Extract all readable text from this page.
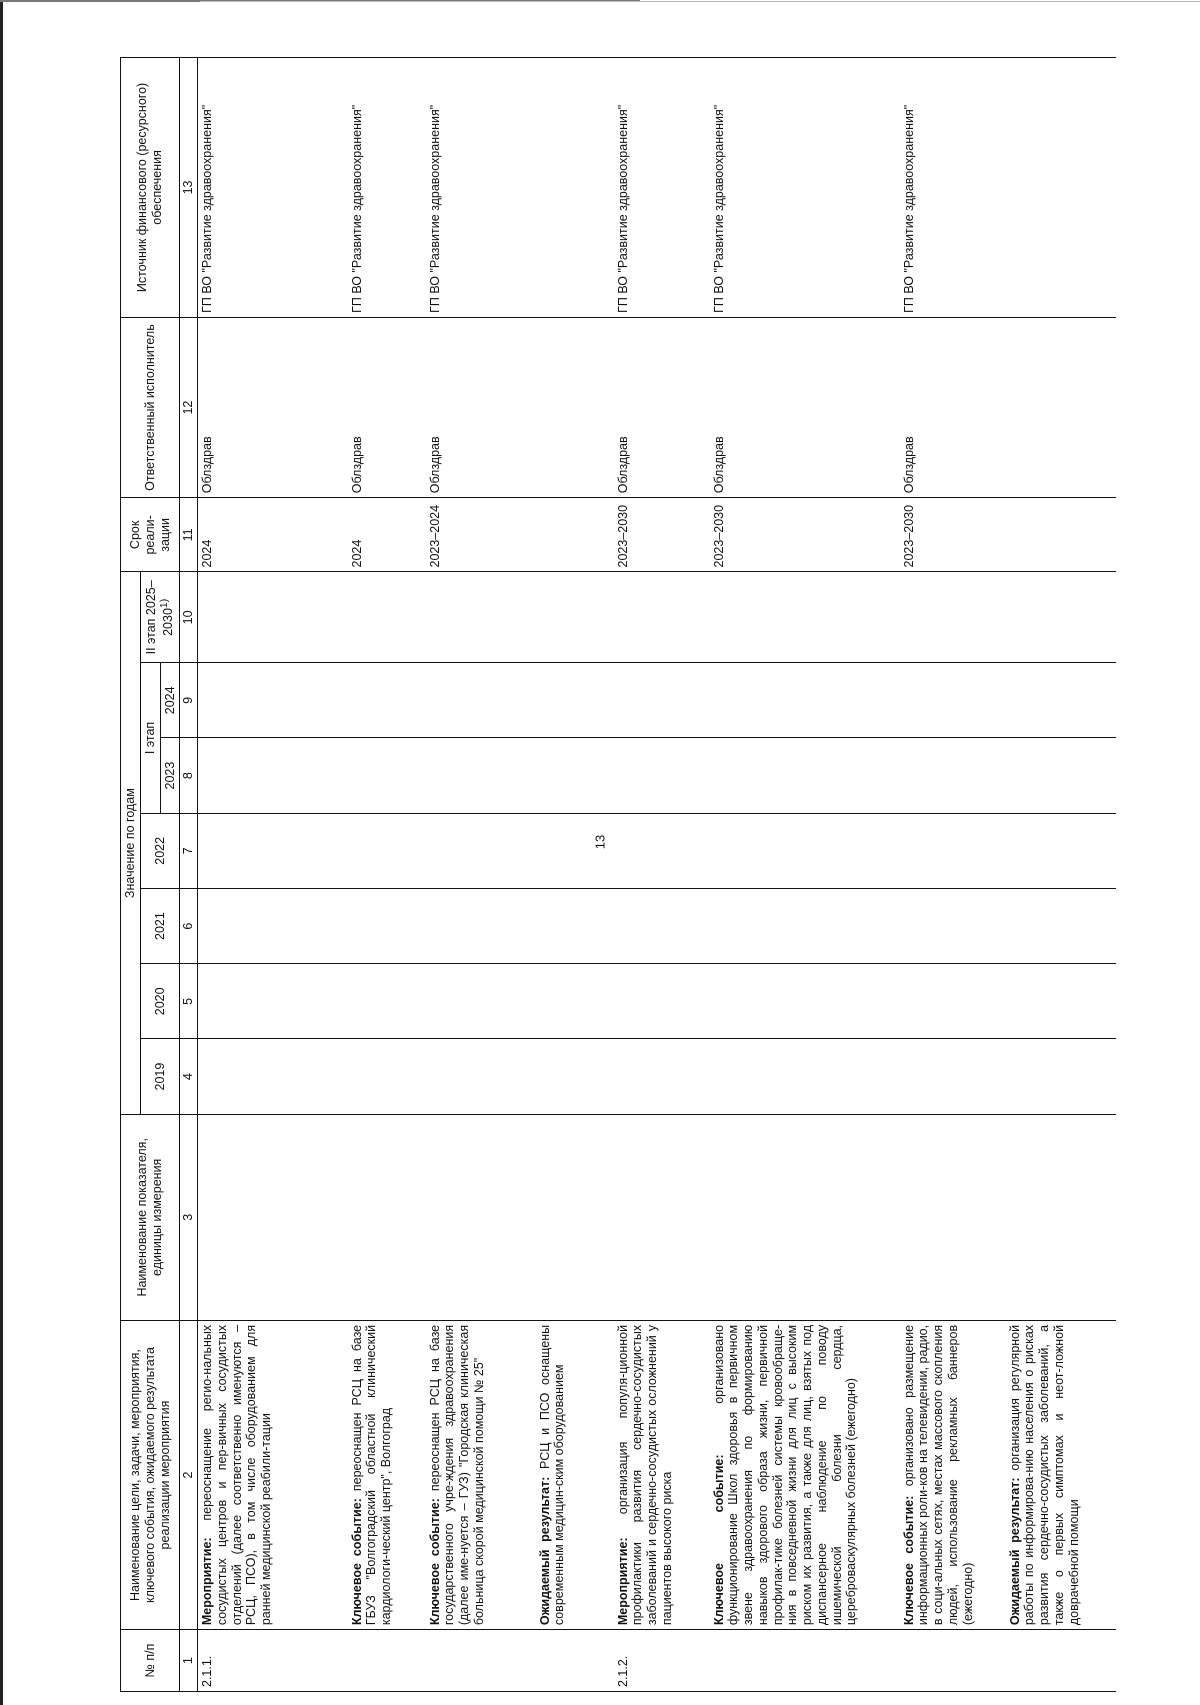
13
№ п/п	Наименование цели, задачи, мероприятия, ключевого события, ожидаемого результата реализации мероприятия	Наименование показателя, единицы измерения	Значение по годам							Срок реали-зации	Ответственный исполнитель	Источник финансового (ресурсного) обеспечения
			2019	2020	2021	2022	I этап		II этап 2025–2030$^{1)}$
							2023	2024				
1	2	3	4	5	6	7	8	9	10	11	12	13
2.1.1.	Мероприятие: переоснащение регио-нальных сосудистых центров и пер-вичных сосудистых отделений (далее соответственно именуются – РСЦ, ПСО), в том числе оборудованием для ранней медицинской реабили-тации									2024	Облздрав	ГП ВО "Развитие здравоохранения"
	Ключевое событие: переоснащен РСЦ на базе ГБУЗ "Волгоградский областной клинический кардиологи-ческий центр", Волгоград									2024	Облздрав	ГП ВО "Развитие здравоохранения"
	Ключевое событие: переоснащен РСЦ на базе государственного учре-ждения здравоохранения (далее име-нуется – ГУЗ) "Городская клиническая больница скорой медицинской помощи № 25"									2023–2024	Облздрав	ГП ВО "Развитие здравоохранения"
	Ожидаемый результат: РСЦ и ПСО оснащены современным медицин-ским оборудованием											
2.1.2.	Мероприятие: организация популя-ционной профилактики развития сердечно-сосудистых заболеваний и сердечно-сосудистых осложнений у пациентов высокого риска									2023–2030	Облздрав	ГП ВО "Развитие здравоохранения"
	Ключевое событие: организовано функционирование Школ здоровья в первичном звене здравоохранения по формированию навыков здорового образа жизни, первичной профилак-тике болезней системы кровообраще-ния в повседневной жизни для лиц с высоким риском их развития, а также для лиц, взятых под диспансерное наблюдение по поводу ишемической болезни сердца, цереброваскулярных болезней (ежегодно)									2023–2030	Облздрав	ГП ВО "Развитие здравоохранения"
	Ключевое событие: организовано размещение информационных роли-ков на телевидении, радио, в соци-альных сетях, местах массового скопления людей, использование рекламных баннеров (ежегодно)									2023–2030	Облздрав	ГП ВО "Развитие здравоохранения"
	Ожидаемый результат: организация регулярной работы по информирова-нию населения о рисках развития сердечно-сосудистых заболеваний, а также о первых симптомах и неот-ложной доврачебной помощи											
